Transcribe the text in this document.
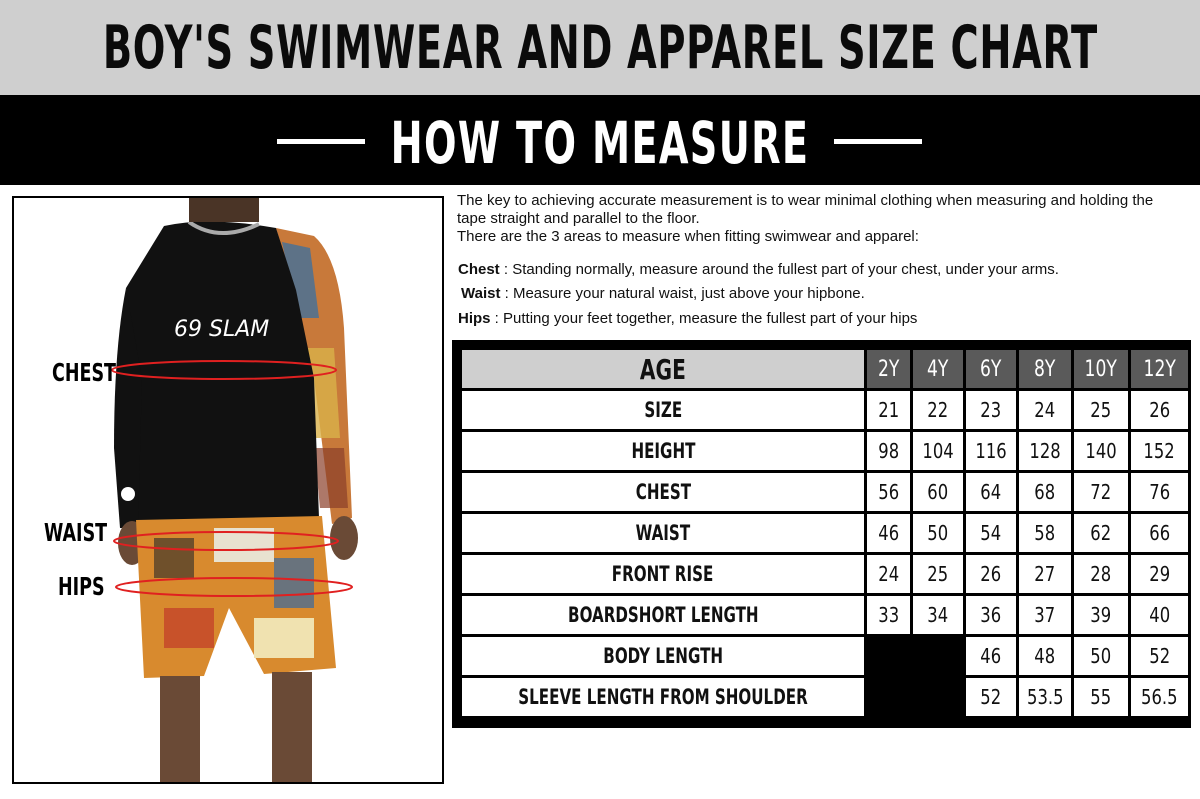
BOY'S SWIMWEAR AND APPAREL SIZE CHART
HOW TO MEASURE
69 SLAM
CHEST
WAIST
HIPS

The key to achieving accurate measurement is to wear minimal clothing when measuring and holding the tape straight and parallel to the floor.

There are the 3 areas to measure when fitting swimwear and apparel:

Chest : Standing normally, measure around the fullest part of your chest, under your arms.
Waist : Measure your natural waist, just above your hipbone.
Hips : Putting your feet together, measure the fullest part of your hips
AGE	2Y	4Y	6Y	8Y	10Y	12Y
SIZE	21	22	23	24	25	26
HEIGHT	98	104	116	128	140	152
CHEST	56	60	64	68	72	76
WAIST	46	50	54	58	62	66
FRONT RISE	24	25	26	27	28	29
BOARDSHORT LENGTH	33	34	36	37	39	40
BODY LENGTH			46	48	50	52
SLEEVE LENGTH FROM SHOULDER			52	53.5	55	56.5
